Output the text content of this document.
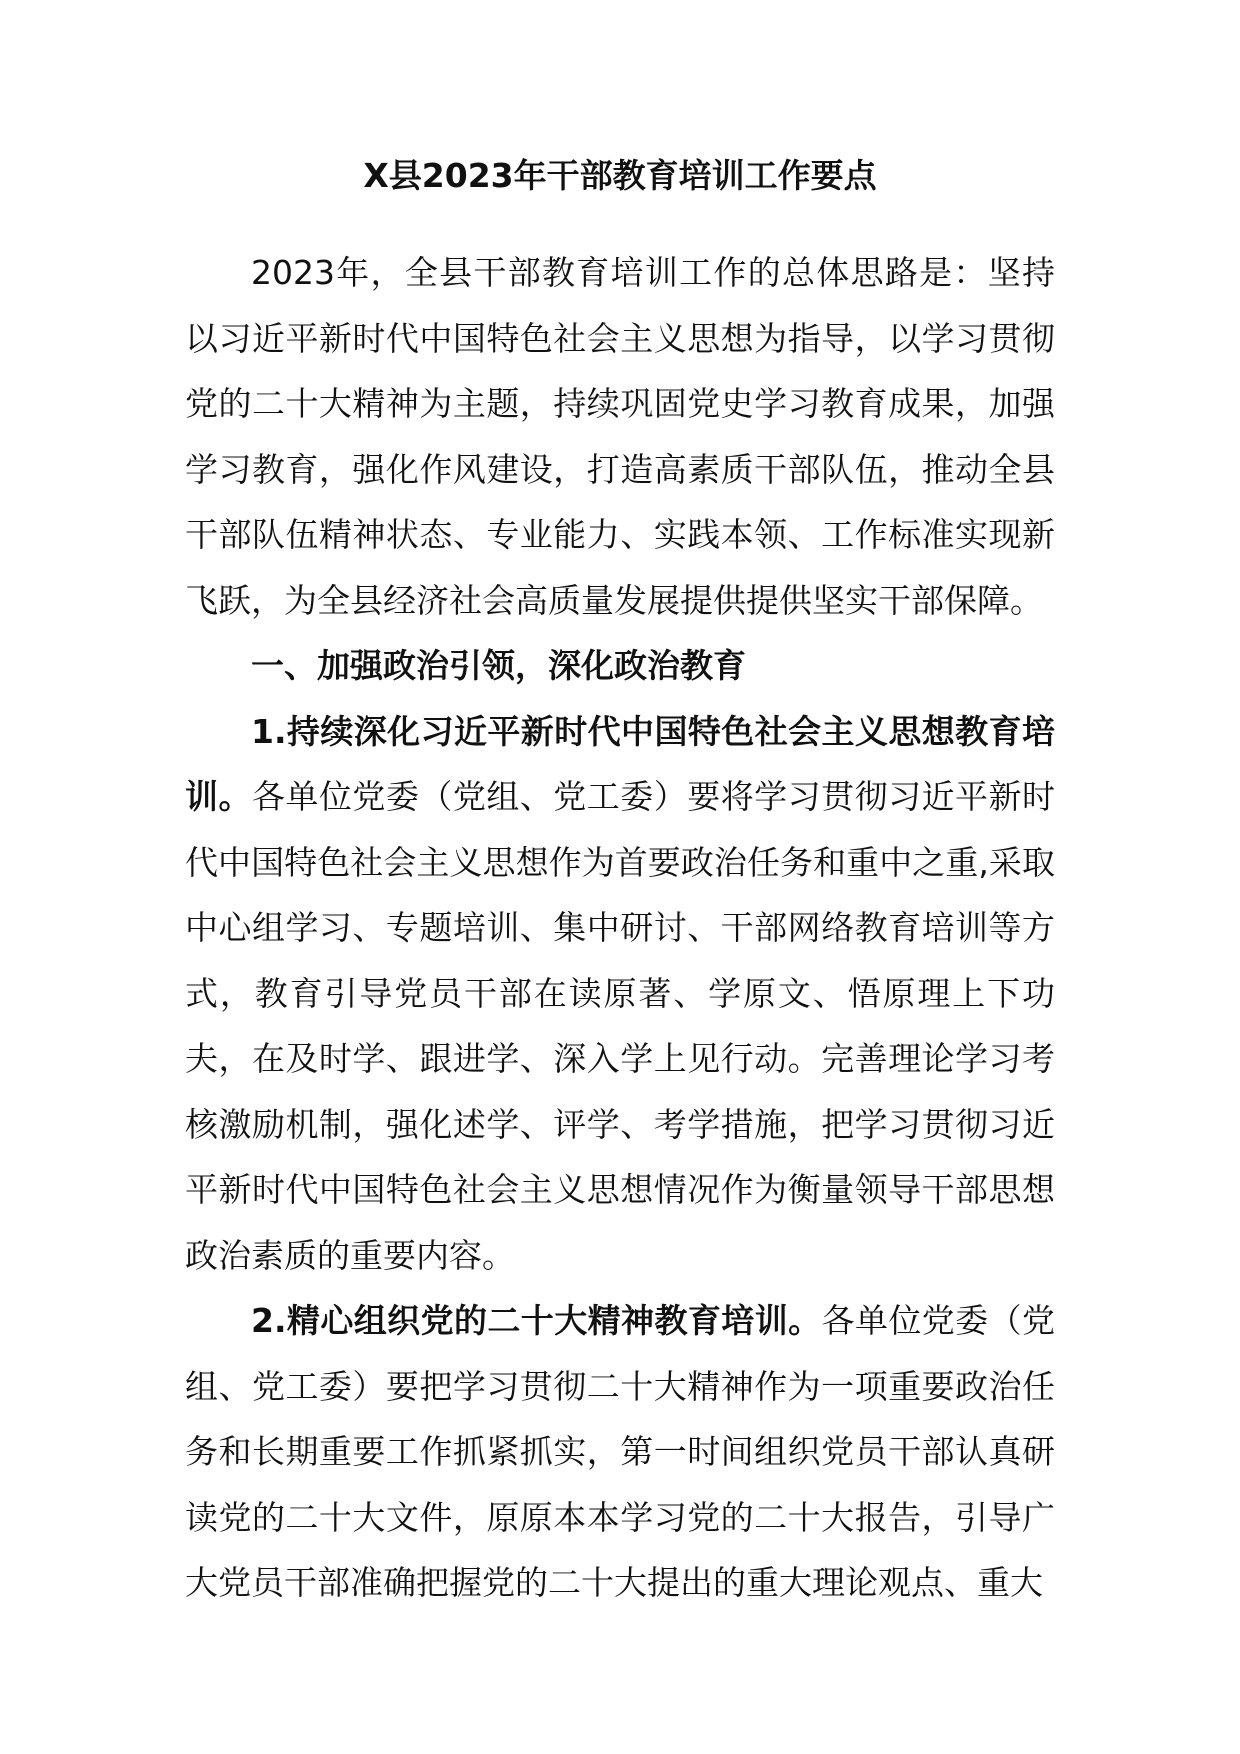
X县2023年干部教育培训工作要点

2023年，全县干部教育培训工作的总体思路是：坚持以习近平新时代中国特色社会主义思想为指导，以学习贯彻党的二十大精神为主题，持续巩固党史学习教育成果，加强学习教育，强化作风建设，打造高素质干部队伍，推动全县干部队伍精神状态、专业能力、实践本领、工作标准实现新飞跃，为全县经济社会高质量发展提供提供坚实干部保障。

一、加强政治引领，深化政治教育

1.持续深化习近平新时代中国特色社会主义思想教育培训。各单位党委（党组、党工委）要将学习贯彻习近平新时代中国特色社会主义思想作为首要政治任务和重中之重,采取中心组学习、专题培训、集中研讨、干部网络教育培训等方式，教育引导党员干部在读原著、学原文、悟原理上下功夫，在及时学、跟进学、深入学上见行动。完善理论学习考核激励机制，强化述学、评学、考学措施，把学习贯彻习近平新时代中国特色社会主义思想情况作为衡量领导干部思想政治素质的重要内容。

2.精心组织党的二十大精神教育培训。各单位党委（党组、党工委）要把学习贯彻二十大精神作为一项重要政治任务和长期重要工作抓紧抓实，第一时间组织党员干部认真研读党的二十大文件，原原本本学习党的二十大报告，引导广大党员干部准确把握党的二十大提出的重大理论观点、重大
